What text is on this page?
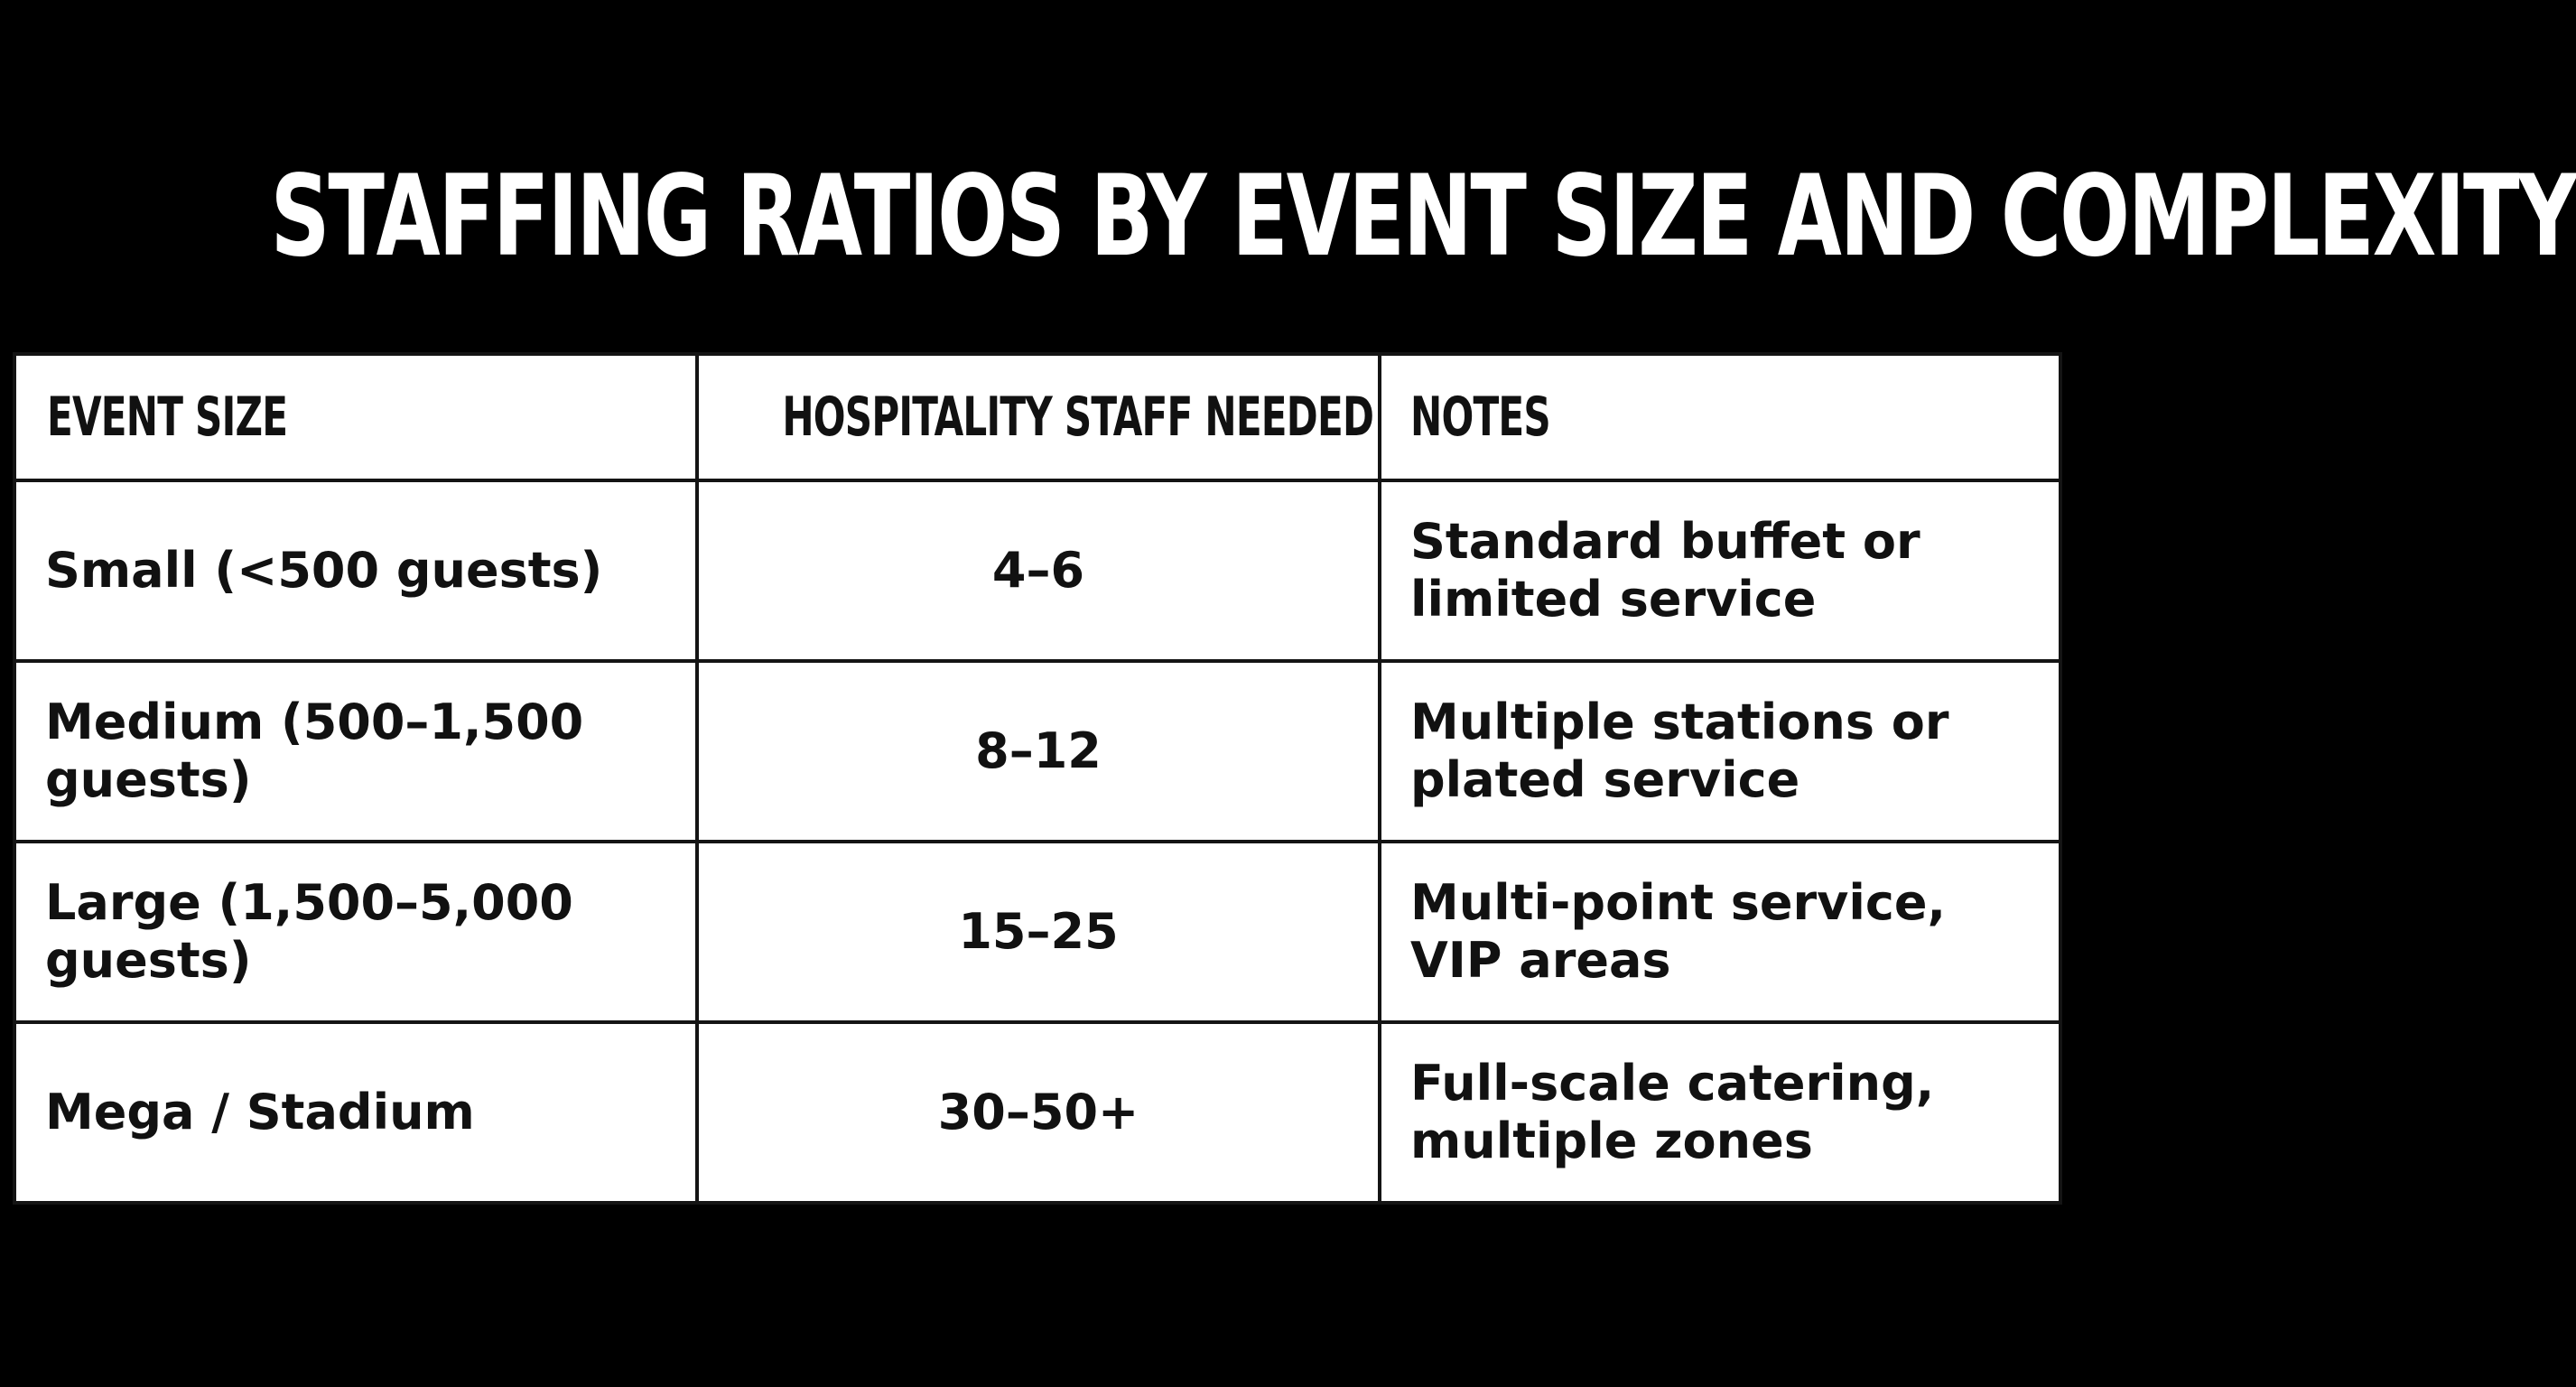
STAFFING RATIOS BY EVENT SIZE AND COMPLEXITY
EVENT SIZE	HOSPITALITY STAFF NEEDED	NOTES
Small (<500 guests)	4–6	Standard buffet or limited service
Medium (500–1,500 guests)	8–12	Multiple stations or plated service
Large (1,500–5,000 guests)	15–25	Multi-point service, VIP areas
Mega / Stadium	30–50+	Full-scale catering, multiple zones
